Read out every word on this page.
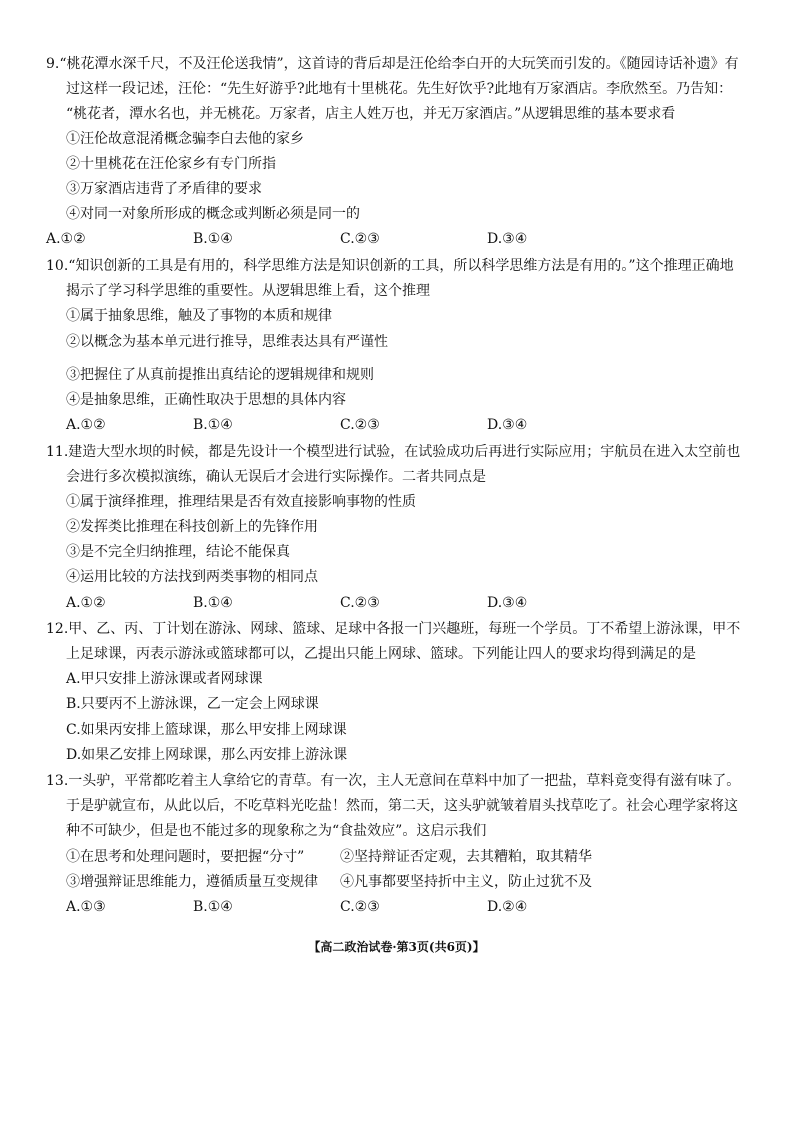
9.“桃花潭水深千尺，不及汪伦送我情”，这首诗的背后却是汪伦给李白开的大玩笑而引发的。《随园诗话补遗》有
过这样一段记述，汪伦：“先生好游乎?此地有十里桃花。先生好饮乎?此地有万家酒店。李欣然至。乃告知：
“桃花者，潭水名也，并无桃花。万家者，店主人姓万也，并无万家酒店。”从逻辑思维的基本要求看
①汪伦故意混淆概念骗李白去他的家乡
②十里桃花在汪伦家乡有专门所指
③万家酒店违背了矛盾律的要求
④对同一对象所形成的概念或判断必须是同一的
A.①②	B.①④	C.②③	D.③④
10.“知识创新的工具是有用的，科学思维方法是知识创新的工具，所以科学思维方法是有用的。”这个推理正确地
揭示了学习科学思维的重要性。从逻辑思维上看，这个推理
①属于抽象思维，触及了事物的本质和规律
②以概念为基本单元进行推导，思维表达具有严谨性
③把握住了从真前提推出真结论的逻辑规律和规则
④是抽象思维，正确性取决于思想的具体内容
A.①②	B.①④	C.②③	D.③④
11.建造大型水坝的时候，都是先设计一个模型进行试验，在试验成功后再进行实际应用；宇航员在进入太空前也
会进行多次模拟演练，确认无误后才会进行实际操作。二者共同点是
①属于演绎推理，推理结果是否有效直接影响事物的性质
②发挥类比推理在科技创新上的先锋作用
③是不完全归纳推理，结论不能保真
④运用比较的方法找到两类事物的相同点
A.①②	B.①④	C.②③	D.③④
12.甲、乙、丙、丁计划在游泳、网球、篮球、足球中各报一门兴趣班，每班一个学员。丁不希望上游泳课，甲不
上足球课，丙表示游泳或篮球都可以，乙提出只能上网球、篮球。下列能让四人的要求均得到满足的是
A.甲只安排上游泳课或者网球课
B.只要丙不上游泳课，乙一定会上网球课
C.如果丙安排上篮球课，那么甲安排上网球课
D.如果乙安排上网球课，那么丙安排上游泳课
13.一头驴，平常都吃着主人拿给它的青草。有一次，主人无意间在草料中加了一把盐，草料竟变得有滋有味了。
于是驴就宣布，从此以后，不吃草料光吃盐！然而，第二天，这头驴就皱着眉头找草吃了。社会心理学家将这
种不可缺少，但是也不能过多的现象称之为“食盐效应”。这启示我们
①在思考和处理问题时，要把握“分寸”	②坚持辩证否定观，去其糟粕，取其精华
③增强辩证思维能力，遵循质量互变规律 ④凡事都要坚持折中主义，防止过犹不及
A.①③	B.①④	C.②③	D.②④
【高二政治试卷·第3页(共6页)】
